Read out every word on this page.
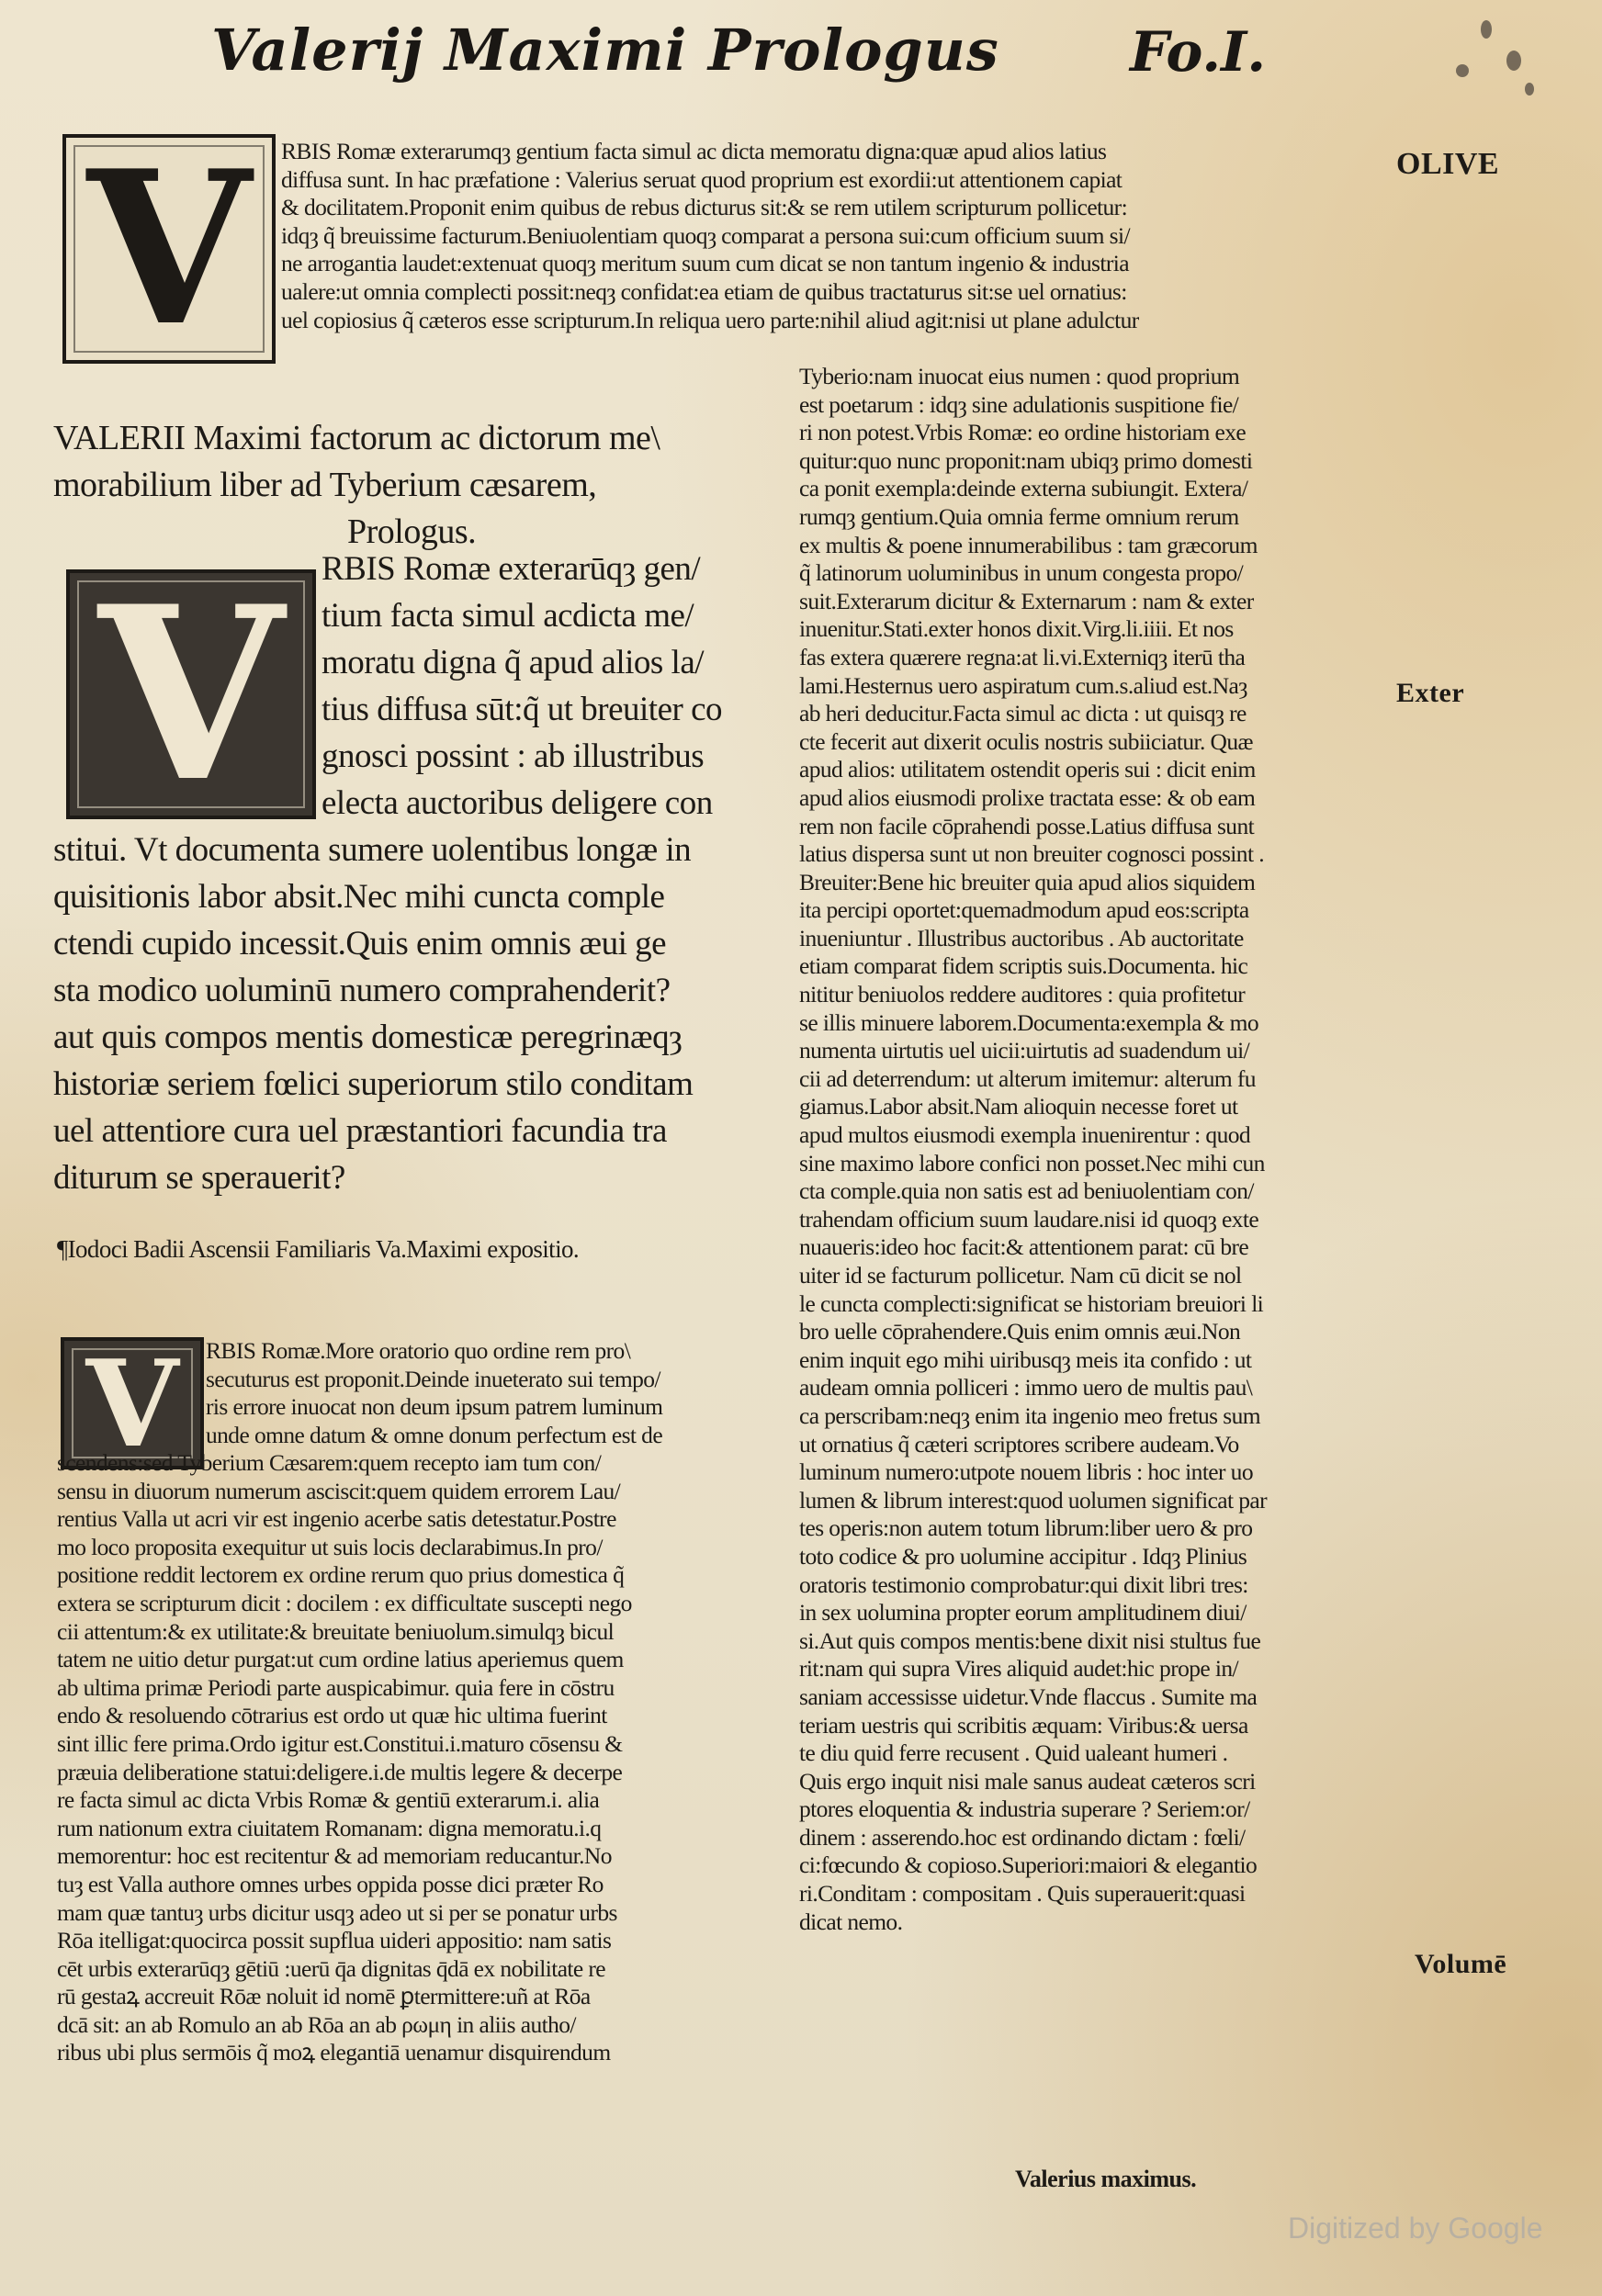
Valerij Maximi Prologus Fo.I.
V RBIS Romæ exterarumqȝ gentium facta simul ac dicta memoratu digna:quæ apud alios latius
diffusa sunt. In hac præfatione : Valerius seruat quod proprium est exordii:ut attentionem capiat
& docilitatem.Proponit enim quibus de rebus dicturus sit:& se rem utilem scripturum pollicetur:
idqȝ q̃ breuissime facturum.Beniuolentiam quoqȝ comparat a persona sui:cum officium suum si/
ne arrogantia laudet:extenuat quoqȝ meritum suum cum dicat se non tantum ingenio & industria
ualere:ut omnia complecti possit:neqȝ confidat:ea etiam de quibus tractaturus sit:se uel ornatius:
uel copiosius q̃ cæteros esse scripturum.In reliqua uero parte:nihil aliud agit:nisi ut plane adulctur
OLIVE
Exter
Volumē
VALERII Maximi factorum ac dictorum me\
morabilium liber ad Tyberium cæsarem,
Prologus.
V RBIS Romæ exterarūqȝ gen/
tium facta simul acdicta me/
moratu digna q̃ apud alios la/
tius diffusa sūt:q̃ ut breuiter co
gnosci possint : ab illustribus
electa auctoribus deligere con
stitui. Vt documenta sumere uolentibus longæ in
quisitionis labor absit.Nec mihi cuncta comple
ctendi cupido incessit.Quis enim omnis æui ge
sta modico uoluminū numero comprahenderit?
aut quis compos mentis domesticæ peregrinæqȝ
historiæ seriem fœlici superiorum stilo conditam
uel attentiore cura uel præstantiori facundia tra
diturum se sperauerit?
¶Iodoci Badii Ascensii Familiaris Va.Maximi expositio.
V RBIS Romæ.More oratorio quo ordine rem pro\
secuturus est proponit.Deinde inueterato sui tempo/
ris errore inuocat non deum ipsum patrem luminum
unde omne datum & omne donum perfectum est de
scendens:sed Tyberium Cæsarem:quem recepto iam tum con/
sensu in diuorum numerum asciscit:quem quidem errorem Lau/
rentius Valla ut acri vir est ingenio acerbe satis detestatur.Postre
mo loco proposita exequitur ut suis locis declarabimus.In pro/
positione reddit lectorem ex ordine rerum quo prius domestica q̃
extera se scripturum dicit : docilem : ex difficultate suscepti nego
cii attentum:& ex utilitate:& breuitate beniuolum.simulqȝ bicul
tatem ne uitio detur purgat:ut cum ordine latius aperiemus quem
ab ultima primæ Periodi parte auspicabimur. quia fere in cōstru
endo & resoluendo cōtrarius est ordo ut quæ hic ultima fuerint
sint illic fere prima.Ordo igitur est.Constitui.i.maturo cōsensu &
præuia deliberatione statui:deligere.i.de multis legere & decerpe
re facta simul ac dicta Vrbis Romæ & gentiū exterarum.i. alia
rum nationum extra ciuitatem Romanam: digna memoratu.i.q
memorentur: hoc est recitentur & ad memoriam reducantur.No
tuȝ est Valla authore omnes urbes oppida posse dici præter Ro
mam quæ tantuȝ urbs dicitur usqȝ adeo ut si per se ponatur urbs
Rōa itelligat:quocirca possit supflua uideri appositio: nam satis
cēt urbis exterarūqȝ gētiū :uerū q̄a dignitas q̄dā ex nobilitate re
rū gestaꝝ accreuit Rōæ noluit id nomē ꝑtermittere:uñ at Rōa
dcā sit: an ab Romulo an ab Rōa an ab ρωμη in aliis autho/
ribus ubi plus sermōis q̃ moꝝ elegantiā uenamur disquirendum
Tyberio:nam inuocat eius numen : quod proprium
est poetarum : idqȝ sine adulationis suspitione fie/
ri non potest.Vrbis Romæ: eo ordine historiam exe
quitur:quo nunc proponit:nam ubiqȝ primo domesti
ca ponit exempla:deinde externa subiungit. Extera/
rumqȝ gentium.Quia omnia ferme omnium rerum
ex multis & poene innumerabilibus : tam græcorum
q̃ latinorum uoluminibus in unum congesta propo/
suit.Exterarum dicitur & Externarum : nam & exter
inuenitur.Stati.exter honos dixit.Virg.li.iiii. Et nos
fas extera quærere regna:at li.vi.Externiqȝ iterū tha
lami.Hesternus uero aspiratum cum.s.aliud est.Naȝ
ab heri deducitur.Facta simul ac dicta : ut quisqȝ re
cte fecerit aut dixerit oculis nostris subiiciatur. Quæ
apud alios: utilitatem ostendit operis sui : dicit enim
apud alios eiusmodi prolixe tractata esse: & ob eam
rem non facile cōprahendi posse.Latius diffusa sunt
latius dispersa sunt ut non breuiter cognosci possint .
Breuiter:Bene hic breuiter quia apud alios siquidem
ita percipi oportet:quemadmodum apud eos:scripta
inueniuntur . Illustribus auctoribus . Ab auctoritate
etiam comparat fidem scriptis suis.Documenta. hic
nititur beniuolos reddere auditores : quia profitetur
se illis minuere laborem.Documenta:exempla & mo
numenta uirtutis uel uicii:uirtutis ad suadendum ui/
cii ad deterrendum: ut alterum imitemur: alterum fu
giamus.Labor absit.Nam alioquin necesse foret ut
apud multos eiusmodi exempla inuenirentur : quod
sine maximo labore confici non posset.Nec mihi cun
cta comple.quia non satis est ad beniuolentiam con/
trahendam officium suum laudare.nisi id quoqȝ exte
nuaueris:ideo hoc facit:& attentionem parat: cū bre
uiter id se facturum pollicetur. Nam cū dicit se nol
le cuncta complecti:significat se historiam breuiori li
bro uelle cōprahendere.Quis enim omnis æui.Non
enim inquit ego mihi uiribusqȝ meis ita confido : ut
audeam omnia polliceri : immo uero de multis pau\
ca perscribam:neqȝ enim ita ingenio meo fretus sum
ut ornatius q̃ cæteri scriptores scribere audeam.Vo
luminum numero:utpote nouem libris : hoc inter uo
lumen & librum interest:quod uolumen significat par
tes operis:non autem totum librum:liber uero & pro
toto codice & pro uolumine accipitur . Idqȝ Plinius
oratoris testimonio comprobatur:qui dixit libri tres:
in sex uolumina propter eorum amplitudinem diui/
si.Aut quis compos mentis:bene dixit nisi stultus fue
rit:nam qui supra Vires aliquid audet:hic prope in/
saniam accessisse uidetur.Vnde flaccus . Sumite ma
teriam uestris qui scribitis æquam: Viribus:& uersa
te diu quid ferre recusent . Quid ualeant humeri .
Quis ergo inquit nisi male sanus audeat cæteros scri
ptores eloquentia & industria superare ? Seriem:or/
dinem : asserendo.hoc est ordinando dictam : fœli/
ci:fœcundo & copioso.Superiori:maiori & elegantio
ri.Conditam : compositam . Quis superauerit:quasi
dicat nemo.
Valerius maximus.
Digitized by Google
